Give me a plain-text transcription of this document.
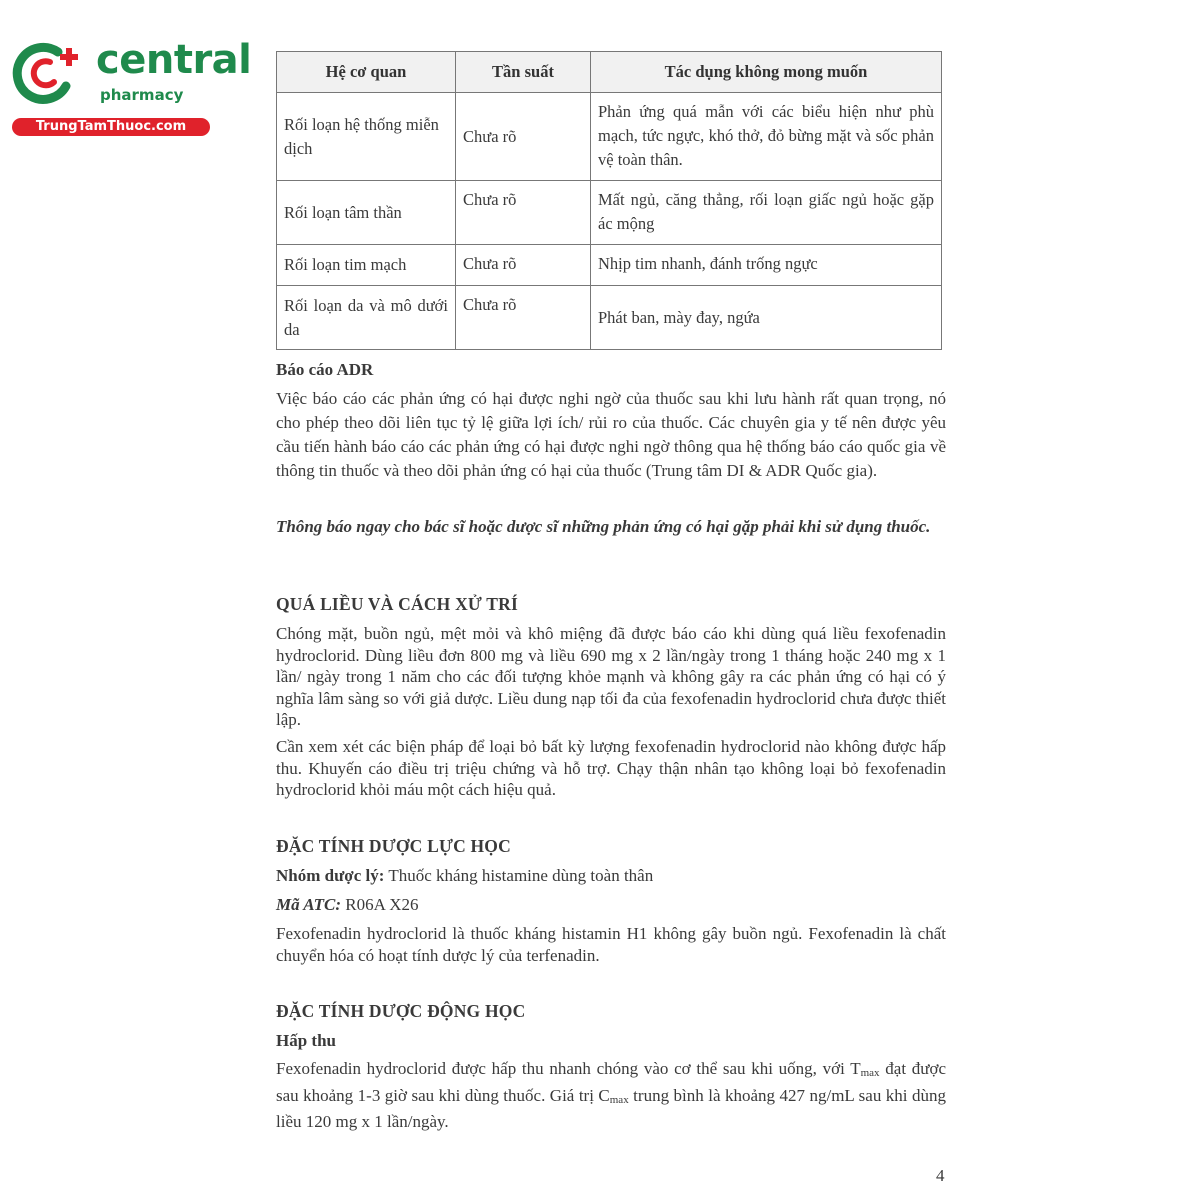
central
pharmacy
TrungTamThuoc.com
Hệ cơ quan	Tần suất	Tác dụng không mong muốn
Rối loạn hệ thống miễn dịch	Chưa rõ	Phản ứng quá mẫn với các biểu hiện như phù mạch, tức ngực, khó thở, đỏ bừng mặt và sốc phản vệ toàn thân.
Rối loạn tâm thần	Chưa rõ	Mất ngủ, căng thẳng, rối loạn giấc ngủ hoặc gặp ác mộng
Rối loạn tim mạch	Chưa rõ	Nhịp tim nhanh, đánh trống ngực
Rối loạn da và mô dưới da	Chưa rõ	Phát ban, mày đay, ngứa
Báo cáo ADR
Việc báo cáo các phản ứng có hại được nghi ngờ của thuốc sau khi lưu hành rất quan trọng, nó cho phép theo dõi liên tục tỷ lệ giữa lợi ích/ rủi ro của thuốc. Các chuyên gia y tế nên được yêu cầu tiến hành báo cáo các phản ứng có hại được nghi ngờ thông qua hệ thống báo cáo quốc gia về thông tin thuốc và theo dõi phản ứng có hại của thuốc (Trung tâm DI & ADR Quốc gia).
Thông báo ngay cho bác sĩ hoặc dược sĩ những phản ứng có hại gặp phải khi sử dụng thuốc.
QUÁ LIỀU VÀ CÁCH XỬ TRÍ
Chóng mặt, buồn ngủ, mệt mỏi và khô miệng đã được báo cáo khi dùng quá liều fexofenadin hydroclorid. Dùng liều đơn 800 mg và liều 690 mg x 2 lần/ngày trong 1 tháng hoặc 240 mg x 1 lần/ ngày trong 1 năm cho các đối tượng khỏe mạnh và không gây ra các phản ứng có hại có ý nghĩa lâm sàng so với giả dược. Liều dung nạp tối đa của fexofenadin hydroclorid chưa được thiết lập.
Cần xem xét các biện pháp để loại bỏ bất kỳ lượng fexofenadin hydroclorid nào không được hấp thu. Khuyến cáo điều trị triệu chứng và hỗ trợ. Chạy thận nhân tạo không loại bỏ fexofenadin hydroclorid khỏi máu một cách hiệu quả.
ĐẶC TÍNH DƯỢC LỰC HỌC
Nhóm dược lý: Thuốc kháng histamine dùng toàn thân
Mã ATC: R06A X26
Fexofenadin hydroclorid là thuốc kháng histamin H1 không gây buồn ngủ. Fexofenadin là chất chuyển hóa có hoạt tính dược lý của terfenadin.
ĐẶC TÍNH DƯỢC ĐỘNG HỌC
Hấp thu
Fexofenadin hydroclorid được hấp thu nhanh chóng vào cơ thể sau khi uống, với $T_{max}$ đạt được sau khoảng 1-3 giờ sau khi dùng thuốc. Giá trị $C_{max}$ trung bình là khoảng 427 ng/mL sau khi dùng liều 120 mg x 1 lần/ngày.
4
